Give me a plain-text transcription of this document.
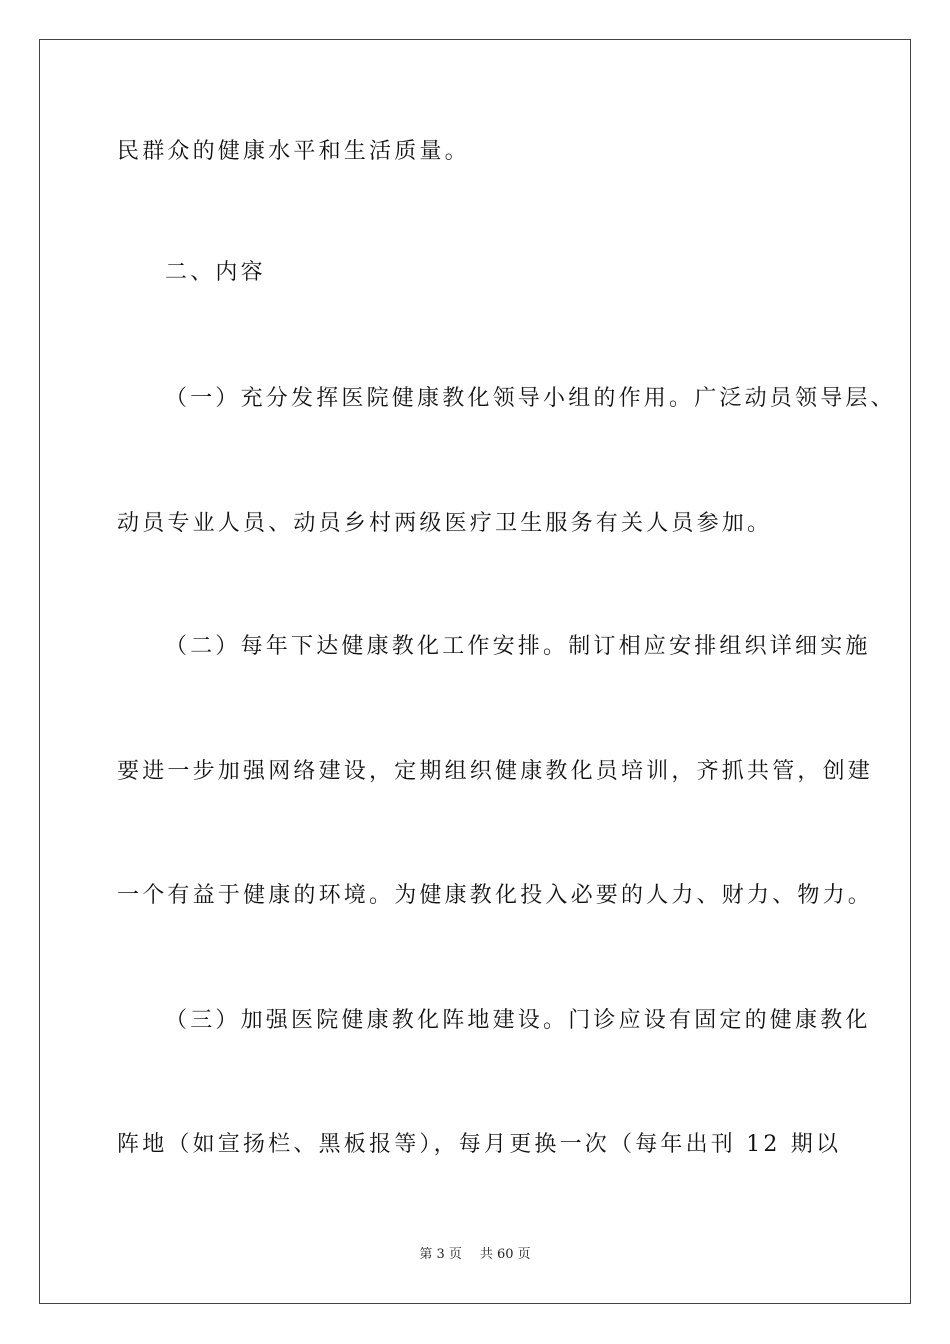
民群众的健康水平和生活质量。
二、内容
（一）充分发挥医院健康教化领导小组的作用。广泛动员领导层、
动员专业人员、动员乡村两级医疗卫生服务有关人员参加。
（二）每年下达健康教化工作安排。制订相应安排组织详细实施
要进一步加强网络建设，定期组织健康教化员培训，齐抓共管，创建
一个有益于健康的环境。为健康教化投入必要的人力、财力、物力。
（三）加强医院健康教化阵地建设。门诊应设有固定的健康教化
阵地（如宣扬栏、黑板报等），每月更换一次（每年出刊 12 期以
第 3 页 共 60 页
